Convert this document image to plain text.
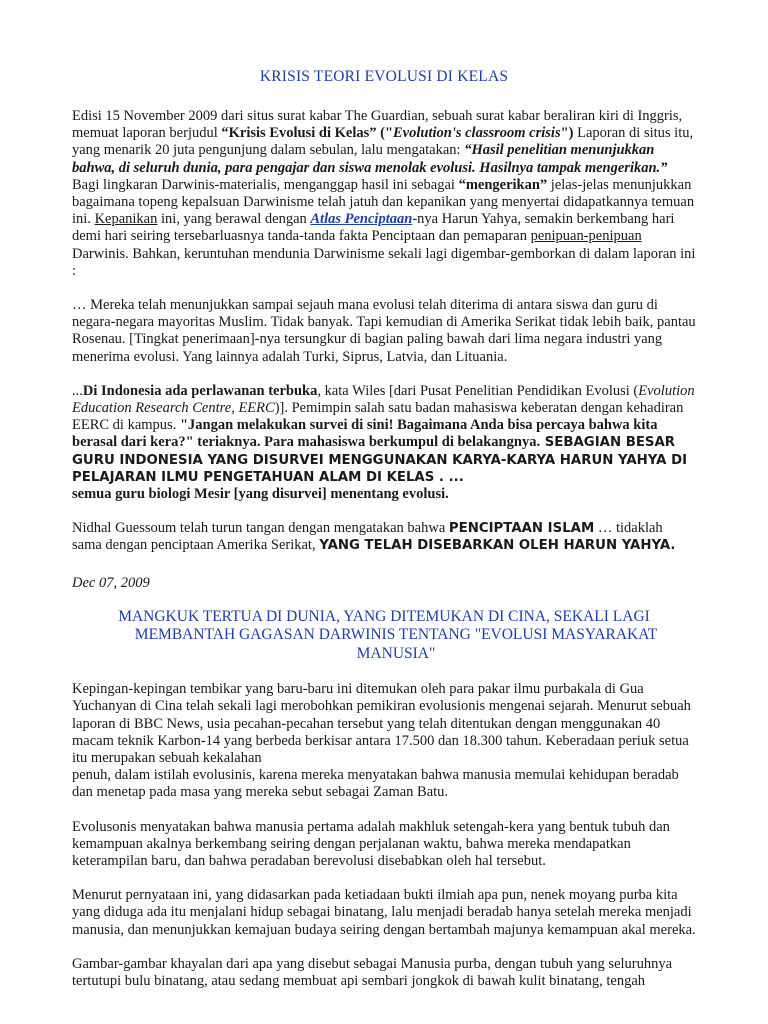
KRISIS TEORI EVOLUSI DI KELAS

Edisi 15 November 2009 dari situs surat kabar The Guardian, sebuah surat kabar beraliran kiri di Inggris, memuat laporan berjudul “Krisis Evolusi di Kelas” ("Evolution's classroom crisis") Laporan di situs itu, yang menarik 20 juta pengunjung dalam sebulan, lalu mengatakan: “Hasil penelitian menunjukkan bahwa, di seluruh dunia, para pengajar dan siswa menolak evolusi. Hasilnya tampak mengerikan.” Bagi lingkaran Darwinis-materialis, menganggap hasil ini sebagai “mengerikan” jelas-jelas menunjukkan bagaimana topeng kepalsuan Darwinisme telah jatuh dan kepanikan yang menyertai didapatkannya temuan ini. Kepanikan ini, yang berawal dengan Atlas Penciptaan-nya Harun Yahya, semakin berkembang hari demi hari seiring tersebarluasnya tanda-tanda fakta Penciptaan dan pemaparan penipuan-penipuan Darwinis. Bahkan, keruntuhan mendunia Darwinisme sekali lagi digembar-gemborkan di dalam laporan ini :

… Mereka telah menunjukkan sampai sejauh mana evolusi telah diterima di antara siswa dan guru di negara-negara mayoritas Muslim. Tidak banyak. Tapi kemudian di Amerika Serikat tidak lebih baik, pantau Rosenau. [Tingkat penerimaan]-nya tersungkur di bagian paling bawah dari lima negara industri yang menerima evolusi. Yang lainnya adalah Turki, Siprus, Latvia, dan Lituania.

...Di Indonesia ada perlawanan terbuka, kata Wiles [dari Pusat Penelitian Pendidikan Evolusi (Evolution Education Research Centre, EERC)]. Pemimpin salah satu badan mahasiswa keberatan dengan kehadiran EERC di kampus. "Jangan melakukan survei di sini! Bagaimana Anda bisa percaya bahwa kita berasal dari kera?" teriaknya. Para mahasiswa berkumpul di belakangnya. SEBAGIAN BESAR GURU INDONESIA YANG DISURVEI MENGGUNAKAN KARYA-KARYA HARUN YAHYA DI PELAJARAN ILMU PENGETAHUAN ALAM DI KELAS . ...
semua guru biologi Mesir [yang disurvei] menentang evolusi.

Nidhal Guessoum telah turun tangan dengan mengatakan bahwa PENCIPTAAN ISLAM … tidaklah sama dengan penciptaan Amerika Serikat, YANG TELAH DISEBARKAN OLEH HARUN YAHYA.

Dec 07, 2009

MANGKUK TERTUA DI DUNIA, YANG DITEMUKAN DI CINA, SEKALI LAGI
MEMBANTAH GAGASAN DARWINIS TENTANG "EVOLUSI MASYARAKAT MANUSIA"

Kepingan-kepingan tembikar yang baru-baru ini ditemukan oleh para pakar ilmu purbakala di Gua Yuchanyan di Cina telah sekali lagi merobohkan pemikiran evolusionis mengenai sejarah. Menurut sebuah laporan di BBC News, usia pecahan-pecahan tersebut yang telah ditentukan dengan menggunakan 40 macam teknik Karbon-14 yang berbeda berkisar antara 17.500 dan 18.300 tahun. Keberadaan periuk setua itu merupakan sebuah kekalahan
penuh, dalam istilah evolusinis, karena mereka menyatakan bahwa manusia memulai kehidupan beradab dan menetap pada masa yang mereka sebut sebagai Zaman Batu.

Evolusonis menyatakan bahwa manusia pertama adalah makhluk setengah-kera yang bentuk tubuh dan kemampuan akalnya berkembang seiring dengan perjalanan waktu, bahwa mereka mendapatkan keterampilan baru, dan bahwa peradaban berevolusi disebabkan oleh hal tersebut.

Menurut pernyataan ini, yang didasarkan pada ketiadaan bukti ilmiah apa pun, nenek moyang purba kita yang diduga ada itu menjalani hidup sebagai binatang, lalu menjadi beradab hanya setelah mereka menjadi manusia, dan menunjukkan kemajuan budaya seiring dengan bertambah majunya kemampuan akal mereka.

Gambar-gambar khayalan dari apa yang disebut sebagai Manusia purba, dengan tubuh yang seluruhnya tertutupi bulu binatang, atau sedang membuat api sembari jongkok di bawah kulit binatang, tengah
